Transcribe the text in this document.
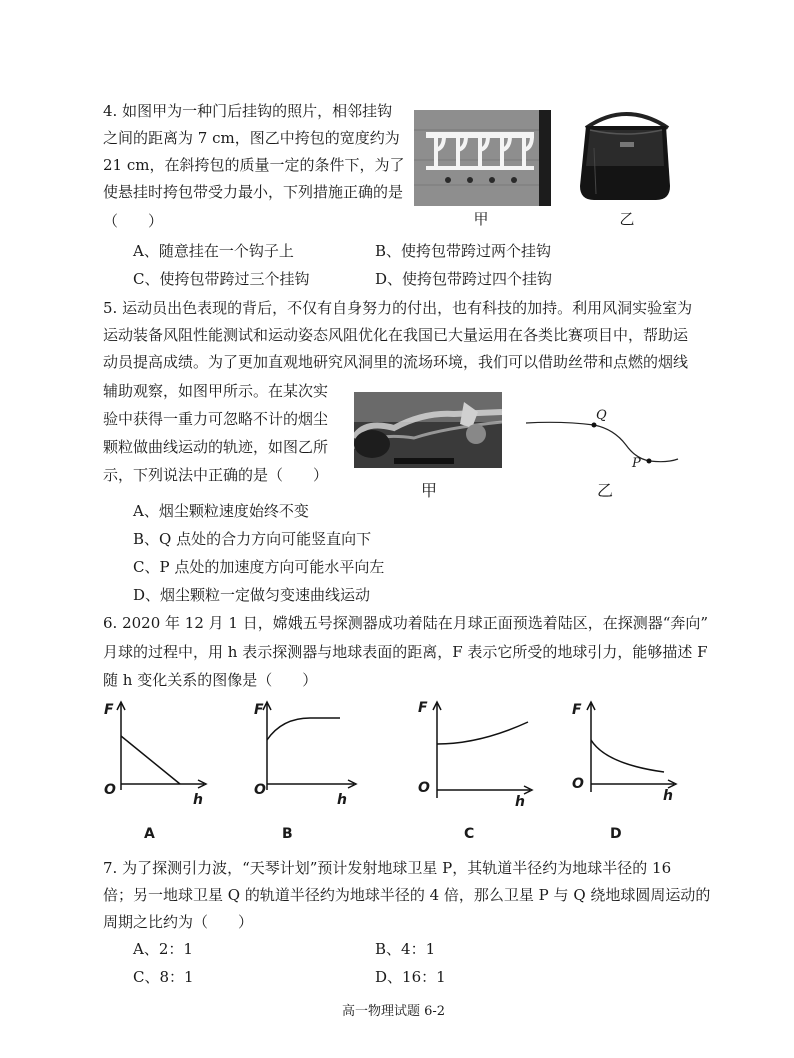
4. 如图甲为一种门后挂钩的照片，相邻挂钩
之间的距离为 7 cm，图乙中挎包的宽度约为
21 cm，在斜挎包的质量一定的条件下，为了
使悬挂时挎包带受力最小，下列措施正确的是
（　　）	甲	乙
A、随意挂在一个钩子上	B、使挎包带跨过两个挂钩
C、使挎包带跨过三个挂钩	D、使挎包带跨过四个挂钩
5. 运动员出色表现的背后，不仅有自身努力的付出，也有科技的加持。利用风洞实验室为
运动装备风阻性能测试和运动姿态风阻优化在我国已大量运用在各类比赛项目中，帮助运
动员提高成绩。为了更加直观地研究风洞里的流场环境，我们可以借助丝带和点燃的烟线
辅助观察，如图甲所示。在某次实
验中获得一重力可忽略不计的烟尘
颗粒做曲线运动的轨迹，如图乙所
示，下列说法中正确的是（　　）
甲
Q
P
乙
A、烟尘颗粒速度始终不变
B、Q 点处的合力方向可能竖直向下
C、P 点处的加速度方向可能水平向左
D、烟尘颗粒一定做匀变速曲线运动
6. 2020 年 12 月 1 日，嫦娥五号探测器成功着陆在月球正面预选着陆区，在探测器“奔向”
月球的过程中，用 h 表示探测器与地球表面的距离，F 表示它所受的地球引力，能够描述 F
随 h 变化关系的图像是（　　）
F
O
h
A
F
O
h
B
F
O
h
C
F
O
h
D
7. 为了探测引力波，“天琴计划”预计发射地球卫星 P，其轨道半径约为地球半径的 16
倍；另一地球卫星 Q 的轨道半径约为地球半径的 4 倍，那么卫星 P 与 Q 绕地球圆周运动的
周期之比约为（　　）
A、2：1	B、4：1
C、8：1	D、16：1
高一物理试题 6-2
